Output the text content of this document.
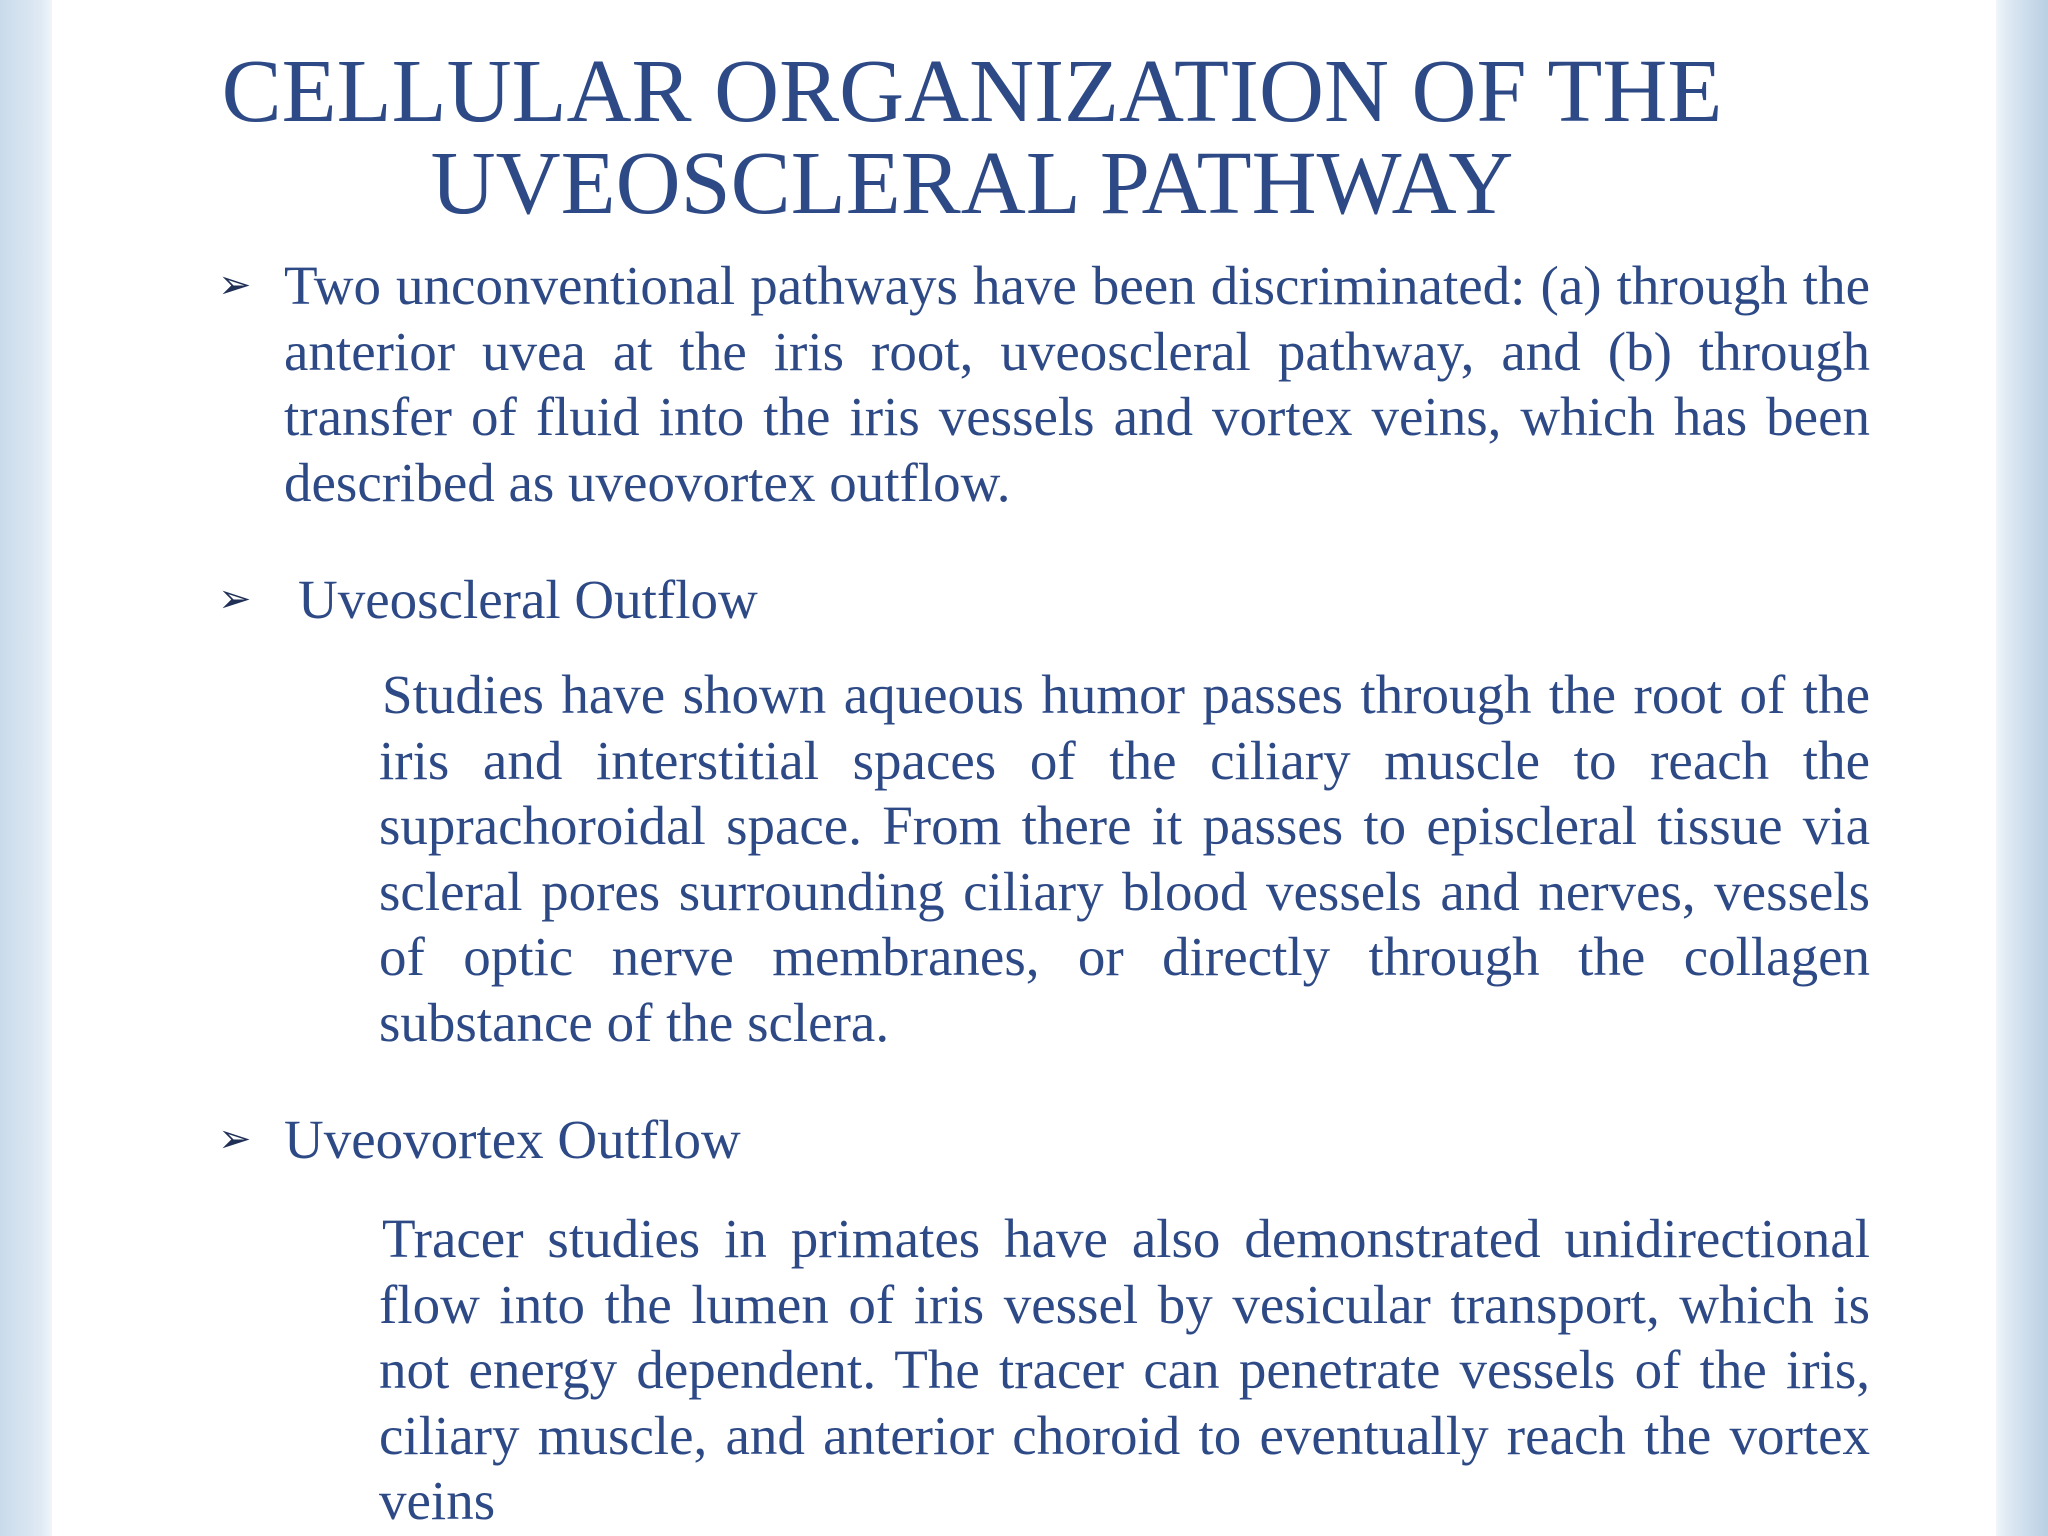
CELLULAR ORGANIZATION OF THE
UVEOSCLERAL PATHWAY
➢ Two unconventional pathways have been discriminated: (a) through the anterior uvea at the iris root, uveoscleral pathway, and (b) through transfer of fluid into the iris vessels and vortex veins, which has been described as uveovortex outflow.
➢ Uveoscleral Outflow
Studies have shown aqueous humor passes through the root of the iris and interstitial spaces of the ciliary muscle to reach the suprachoroidal space. From there it passes to episcleral tissue via scleral pores surrounding ciliary blood vessels and nerves, vessels of optic nerve membranes, or directly through the collagen substance of the sclera.
➢ Uveovortex Outflow
Tracer studies in primates have also demonstrated unidirectional flow into the lumen of iris vessel by vesicular transport, which is not energy dependent. The tracer can penetrate vessels of the iris, ciliary muscle, and anterior choroid to eventually reach the vortex veins
